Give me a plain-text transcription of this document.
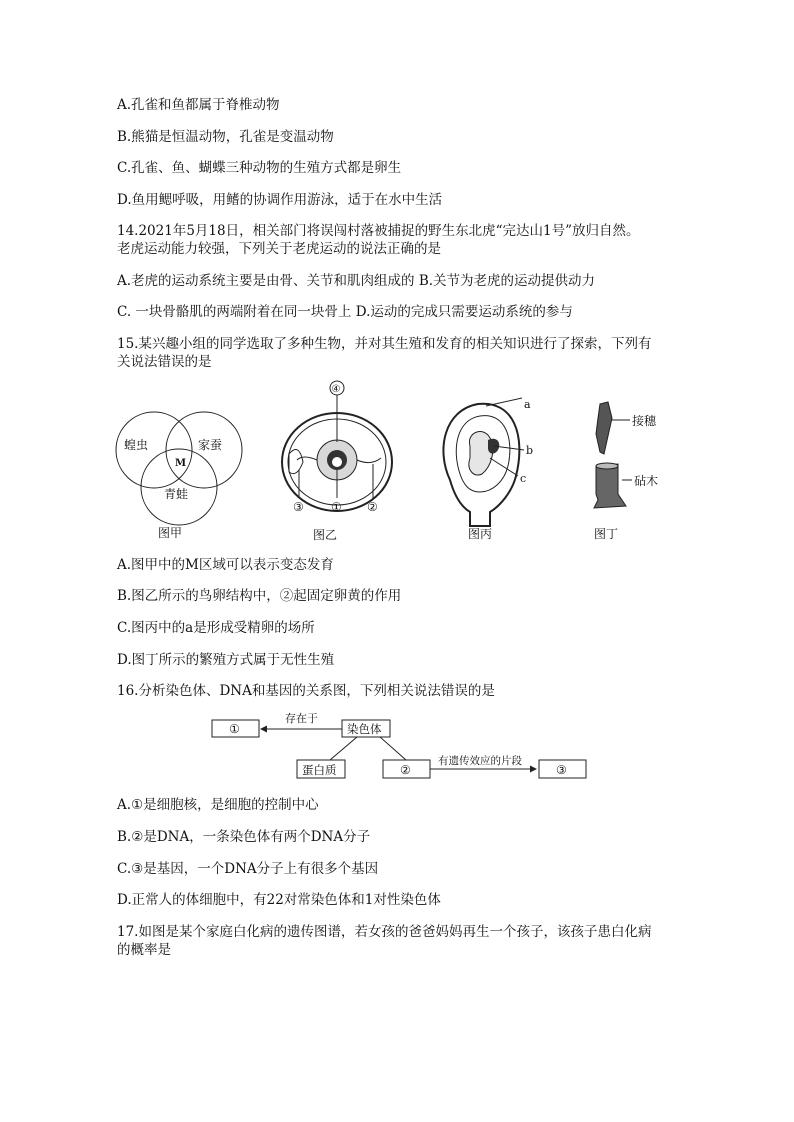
A.孔雀和鱼都属于脊椎动物
B.熊猫是恒温动物，孔雀是变温动物
C.孔雀、鱼、蝴蝶三种动物的生殖方式都是卵生
D.鱼用鳃呼吸，用鳍的协调作用游泳，适于在水中生活
14.2021年5月18日，相关部门将误闯村落被捕捉的野生东北虎“完达山1号”放归自然。
老虎运动能力较强，下列关于老虎运动的说法正确的是
A.老虎的运动系统主要是由骨、关节和肌肉组成的 B.关节为老虎的运动提供动力
C. 一块骨骼肌的两端附着在同一块骨上 D.运动的完成只需要运动系统的参与
15.某兴趣小组的同学选取了多种生物，并对其生殖和发育的相关知识进行了探索，下列有
关说法错误的是
蝗虫	家蚕
青蛙
M
图甲
④
③ ① ②
图乙
a
b
c
图丙
接穗
砧木
图丁
A.图甲中的M区域可以表示变态发育
B.图乙所示的鸟卵结构中，②起固定卵黄的作用
C.图丙中的a是形成受精卵的场所
D.图丁所示的繁殖方式属于无性生殖
16.分析染色体、DNA和基因的关系图，下列相关说法错误的是
①	染色体
存在于
蛋白质	②
有遗传效应的片段
③
A.①是细胞核，是细胞的控制中心
B.②是DNA，一条染色体有两个DNA分子
C.③是基因，一个DNA分子上有很多个基因
D.正常人的体细胞中，有22对常染色体和1对性染色体
17.如图是某个家庭白化病的遗传图谱，若女孩的爸爸妈妈再生一个孩子，该孩子患白化病
的概率是
